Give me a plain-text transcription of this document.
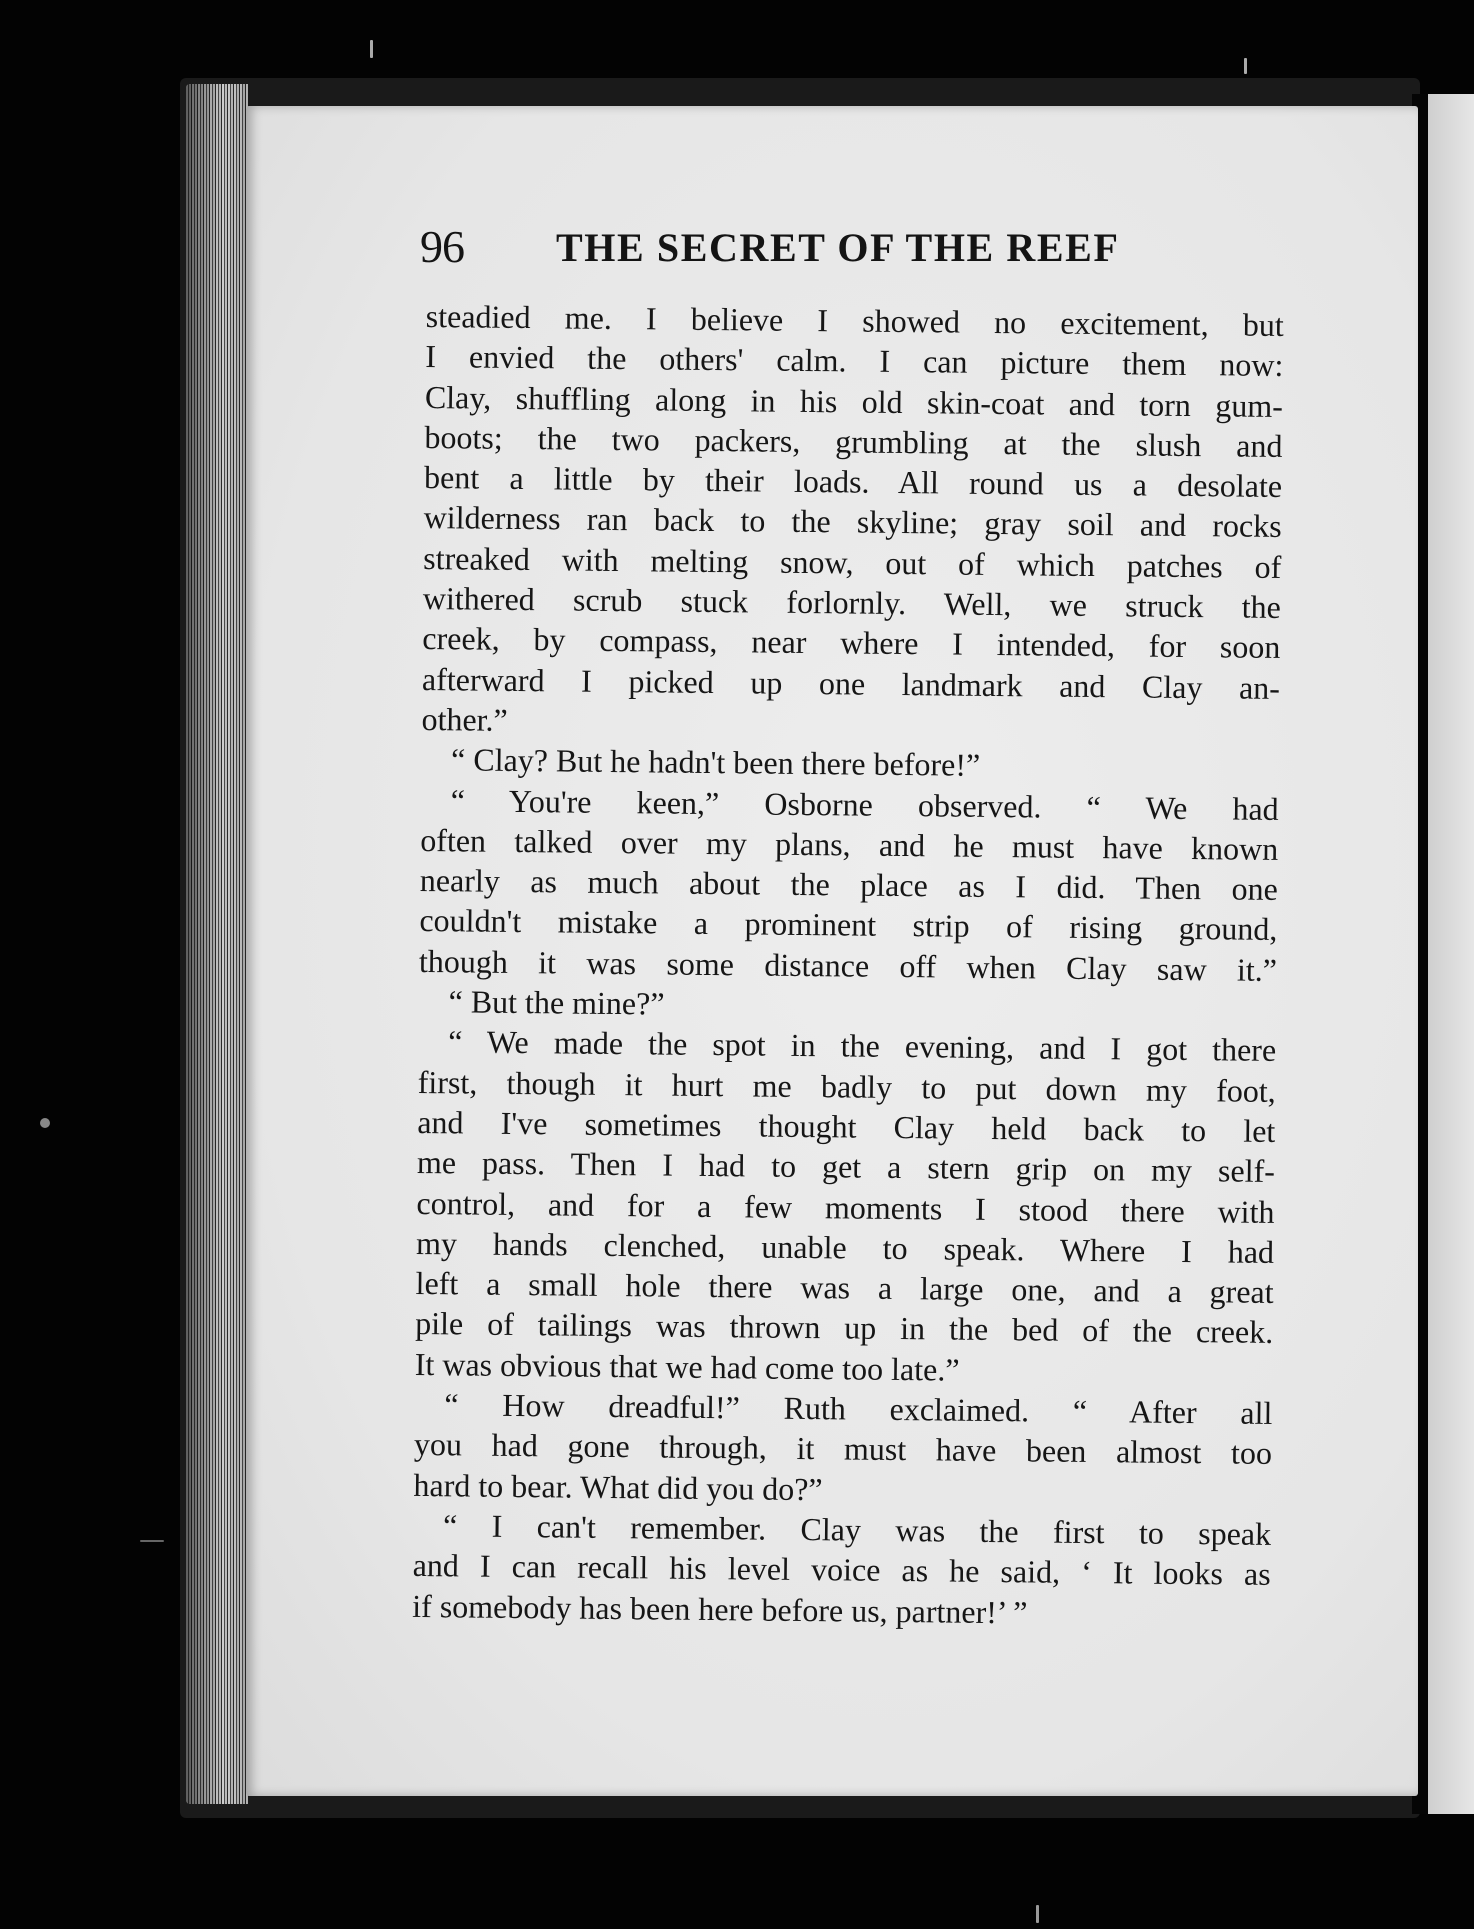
96 THE SECRET OF THE REEF
steadied me. I believe I showed no excitement, but
I envied the others' calm. I can picture them now:
Clay, shuffling along in his old skin-coat and torn gum-
boots; the two packers, grumbling at the slush and
bent a little by their loads. All round us a desolate
wilderness ran back to the skyline; gray soil and rocks
streaked with melting snow, out of which patches of
withered scrub stuck forlornly. Well, we struck the
creek, by compass, near where I intended, for soon
afterward I picked up one landmark and Clay an-
other.”
“ Clay? But he hadn't been there before!”
“ You're keen,” Osborne observed. “ We had
often talked over my plans, and he must have known
nearly as much about the place as I did. Then one
couldn't mistake a prominent strip of rising ground,
though it was some distance off when Clay saw it.”
“ But the mine?”
“ We made the spot in the evening, and I got there
first, though it hurt me badly to put down my foot,
and I've sometimes thought Clay held back to let
me pass. Then I had to get a stern grip on my self-
control, and for a few moments I stood there with
my hands clenched, unable to speak. Where I had
left a small hole there was a large one, and a great
pile of tailings was thrown up in the bed of the creek.
It was obvious that we had come too late.”
“ How dreadful!” Ruth exclaimed. “ After all
you had gone through, it must have been almost too
hard to bear. What did you do?”
“ I can't remember. Clay was the first to speak
and I can recall his level voice as he said, ‘ It looks as
if somebody has been here before us, partner!’ ”
